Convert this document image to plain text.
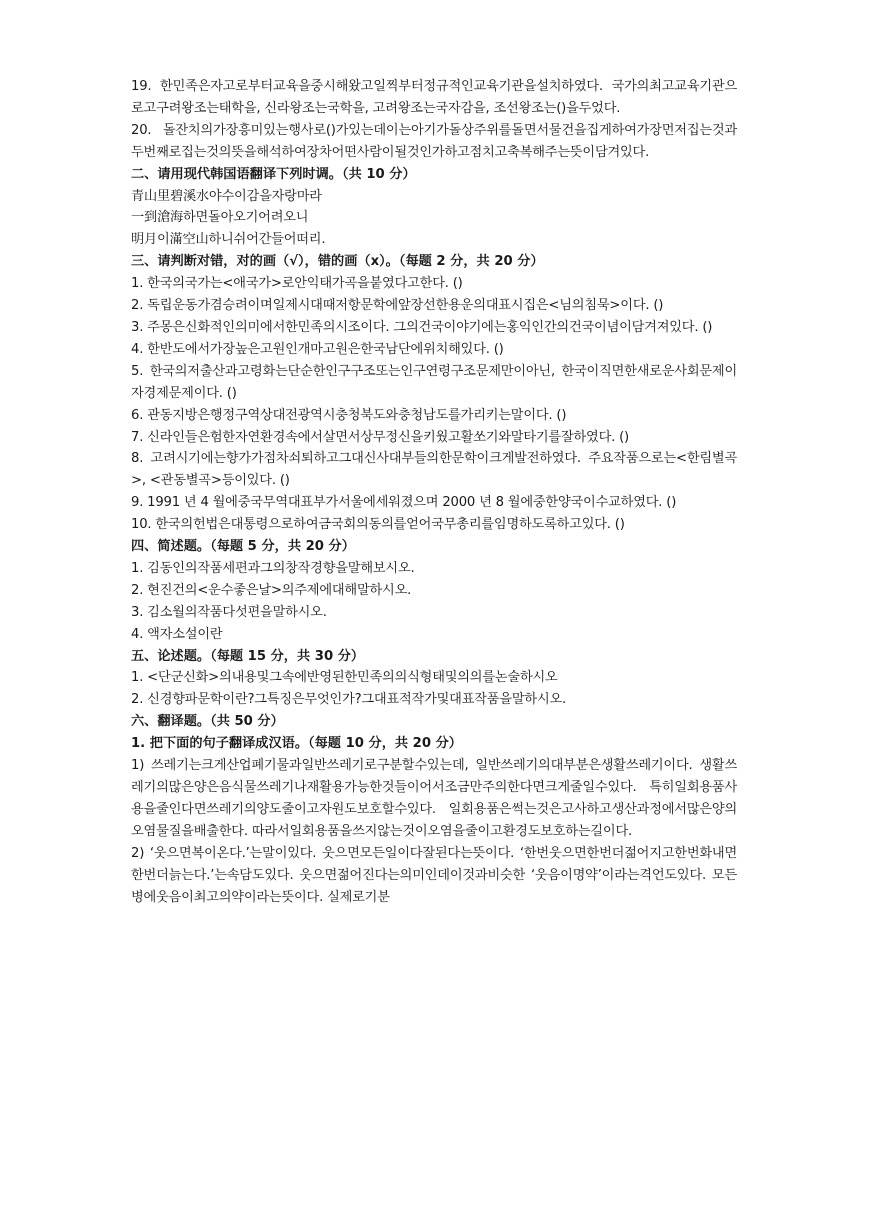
19. 한민족은자고로부터교육을중시해왔고일찍부터정규적인교육기관을설치하였다. 국가의최고교육기관으로고구려왕조는태학을, 신라왕조는국학을, 고려왕조는국자감을, 조선왕조는()을두었다.

20. 돌잔치의가장흥미있는행사로()가있는데이는아기가돌상주위를돌면서물건을집게하여가장먼저집는것과두번째로집는것의뜻을해석하여장차어떤사람이될것인가하고점치고축복해주는뜻이담겨있다.

二、请用现代韩国语翻译下列时调。（共 10 分）

青山里碧溪水야수이감을자랑마라

一到滄海하면돌아오기어려오니

明月이滿空山하니쉬어간들어떠리.

三、请判断对错，对的画（√），错的画（x）。（每题 2 分，共 20 分）

1. 한국의국가는<애국가>로안익태가곡을붙였다고한다. ()

2. 독립운동가겸승려이며일제시대때저항문학에앞장선한용운의대표시집은<님의침묵>이다. ()

3. 주몽은신화적인의미에서한민족의시조이다. 그의건국이야기에는홍익인간의건국이념이담겨져있다. ()

4. 한반도에서가장높은고원인개마고원은한국남단에위치해있다. ()

5. 한국의저출산과고령화는단순한인구구조또는인구연령구조문제만이아닌, 한국이직면한새로운사회문제이자경제문제이다. ()

6. 관동지방은행정구역상대전광역시충청북도와충청남도를가리키는말이다. ()

7. 신라인들은험한자연환경속에서살면서상무정신을키웠고활쏘기와말타기를잘하였다. ()

8. 고려시기에는향가가점차쇠퇴하고그대신사대부들의한문학이크게발전하였다. 주요작품으로는<한림별곡>, <관동별곡>등이있다. ()

9. 1991 년 4 월에중국무역대표부가서울에세워졌으며 2000 년 8 월에중한양국이수교하였다. ()

10. 한국의헌법은대통령으로하여금국회의동의를얻어국무총리를임명하도록하고있다. ()

四、简述题。（每题 5 分，共 20 分）

1. 김동인의작품세편과그의창작경향을말해보시오.

2. 현진건의<운수좋은날>의주제에대해말하시오.

3. 김소월의작품다섯편을말하시오.

4. 액자소설이란

五、论述题。（每题 15 分，共 30 分）

1. <단군신화>의내용및그속에반영된한민족의의식형태및의의를논술하시오

2. 신경향파문학이란?그특징은무엇인가?그대표적작가및대표작품을말하시오.

六、翻译题。（共 50 分）

1. 把下面的句子翻译成汉语。（每题 10 分，共 20 分）

1) 쓰레기는크게산업폐기물과일반쓰레기로구분할수있는데, 일반쓰레기의대부분은생활쓰레기이다. 생활쓰레기의많은양은음식물쓰레기나재활용가능한것들이어서조금만주의한다면크게줄일수있다. 특히일회용품사용을줄인다면쓰레기의양도줄이고자원도보호할수있다. 일회용품은썩는것은고사하고생산과정에서많은양의오염물질을배출한다. 따라서일회용품을쓰지않는것이오염을줄이고환경도보호하는길이다.

2) ‘웃으면복이온다.’는말이있다. 웃으면모든일이다잘된다는뜻이다. ‘한번웃으면한번더젊어지고한번화내면한번더늙는다.’는속담도있다. 웃으면젊어진다는의미인데이것과비슷한 ‘웃음이명약’이라는격언도있다. 모든병에웃음이최고의약이라는뜻이다. 실제로기분
